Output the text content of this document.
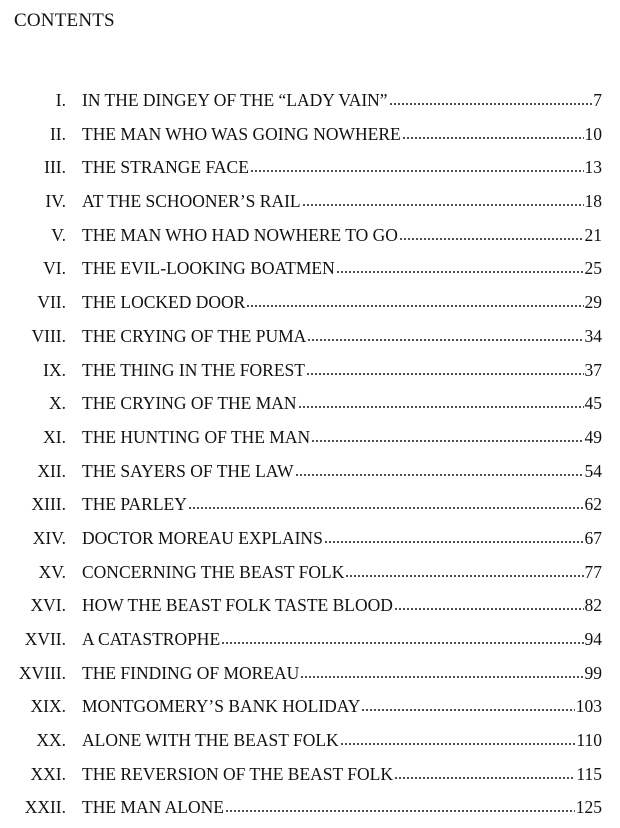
CONTENTS
I. IN THE DINGEY OF THE “LADY VAIN”	7
II. THE MAN WHO WAS GOING NOWHERE	10
III. THE STRANGE FACE	13
IV. AT THE SCHOONER’S RAIL	18
V. THE MAN WHO HAD NOWHERE TO GO	21
VI. THE EVIL-LOOKING BOATMEN	25
VII. THE LOCKED DOOR	29
VIII. THE CRYING OF THE PUMA	34
IX. THE THING IN THE FOREST	37
X. THE CRYING OF THE MAN	45
XI. THE HUNTING OF THE MAN	49
XII. THE SAYERS OF THE LAW	54
XIII. THE PARLEY	62
XIV. DOCTOR MOREAU EXPLAINS	67
XV. CONCERNING THE BEAST FOLK	77
XVI. HOW THE BEAST FOLK TASTE BLOOD	82
XVII. A CATASTROPHE	94
XVIII. THE FINDING OF MOREAU	99
XIX. MONTGOMERY’S BANK HOLIDAY	103
XX. ALONE WITH THE BEAST FOLK	110
XXI. THE REVERSION OF THE BEAST FOLK	115
XXII. THE MAN ALONE	125
